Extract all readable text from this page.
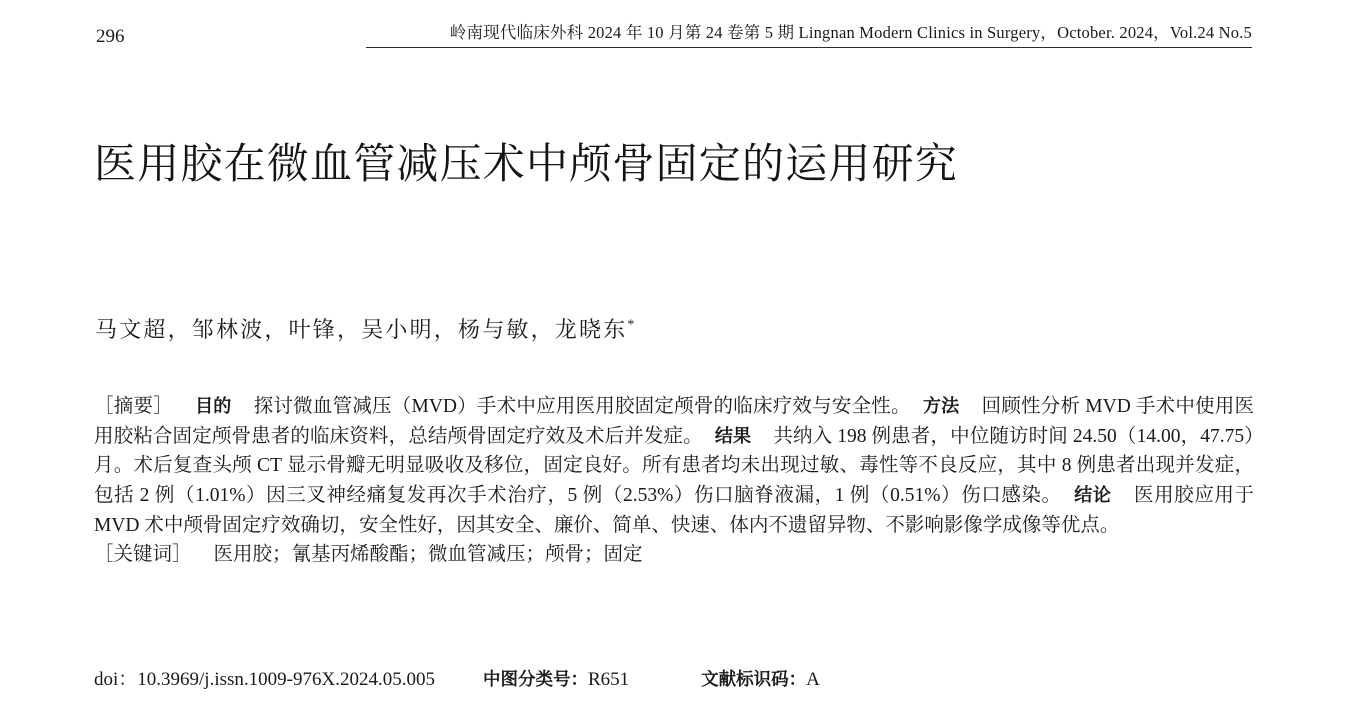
296	岭南现代临床外科 2024 年 10 月第 24 卷第 5 期 Lingnan Modern Clinics in Surgery，October. 2024，Vol.24 No.5
医用胶在微血管减压术中颅骨固定的运用研究
马文超，邹林波，叶锋，吴小明，杨与敏，龙晓东*

［摘要］ 目的 探讨微血管减压（MVD）手术中应用医用胶固定颅骨的临床疗效与安全性。 方法 回顾性分析 MVD 手术中使用医用胶粘合固定颅骨患者的临床资料，总结颅骨固定疗效及术后并发症。 结果 共纳入 198 例患者，中位随访时间 24.50（14.00，47.75）月。术后复查头颅 CT 显示骨瓣无明显吸收及移位，固定良好。所有患者均未出现过敏、毒性等不良反应，其中 8 例患者出现并发症，包括 2 例（1.01%）因三叉神经痛复发再次手术治疗，5 例（2.53%）伤口脑脊液漏，1 例（0.51%）伤口感染。 结论 医用胶应用于 MVD 术中颅骨固定疗效确切，安全性好，因其安全、廉价、简单、快速、体内不遗留异物、不影响影像学成像等优点。

［关键词］ 医用胶；氰基丙烯酸酯；微血管减压；颅骨；固定

doi：10.3969/j.issn.1009-976X.2024.05.005	中图分类号：R651	文献标识码：A
